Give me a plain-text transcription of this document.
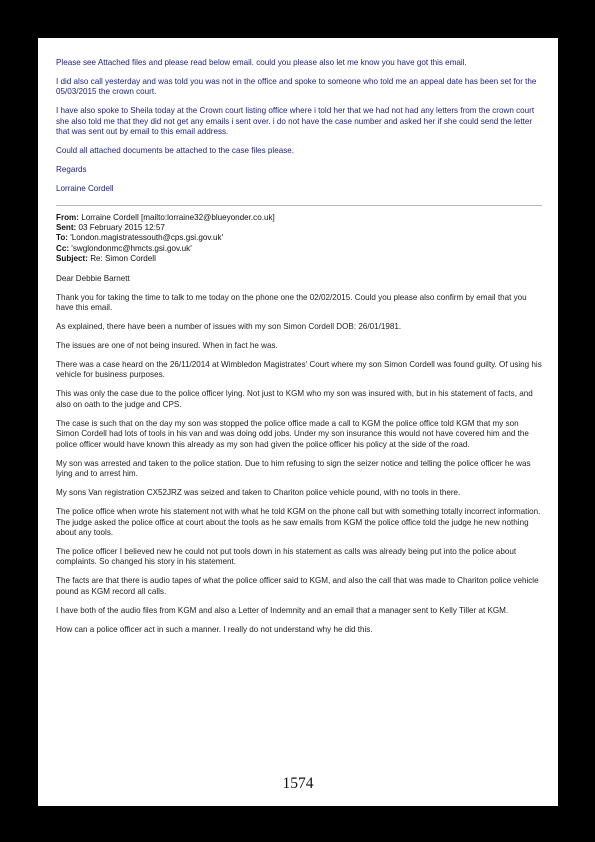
Please see Attached files and please read below email. could you please also let me know you have got this email.

I did also call yesterday and was told you was not in the office and spoke to someone who told me an appeal date has been set for the 05/03/2015 the crown court.

I have also spoke to Sheila today at the Crown court listing office where i told her that we had not had any letters from the crown court she also told me that they did not get any emails i sent over. i do not have the case number and asked her if she could send the letter that was sent out by email to this email address.

Could all attached documents be attached to the case files please.

Regards

Lorraine Cordell

From: Lorraine Cordell [mailto:lorraine32@blueyonder.co.uk]
Sent: 03 February 2015 12:57
To: 'London.magistratessouth@cps.gsi.gov.uk'
Cc: 'swglondonmc@hmcts.gsi.gov.uk'
Subject: Re: Simon Cordell

Dear Debbie Barnett

Thank you for taking the time to talk to me today on the phone one the 02/02/2015. Could you please also confirm by email that you have this email.

As explained, there have been a number of issues with my son Simon Cordell DOB: 26/01/1981.

The issues are one of not being insured. When in fact he was.

There was a case heard on the 26/11/2014 at Wimbledon Magistrates' Court where my son Simon Cordell was found guilty. Of using his vehicle for business purposes.

This was only the case due to the police officer lying. Not just to KGM who my son was insured with, but in his statement of facts, and also on oath to the judge and CPS.

The case is such that on the day my son was stopped the police office made a call to KGM the police office told KGM that my son Simon Cordell had lots of tools in his van and was doing odd jobs. Under my son insurance this would not have covered him and the police officer would have known this already as my son had given the police officer his policy at the side of the road.

My son was arrested and taken to the police station. Due to him refusing to sign the seizer notice and telling the police officer he was lying and to arrest him.

My sons Van registration CX52JRZ was seized and taken to Chariton police vehicle pound, with no tools in there.

The police office when wrote his statement not with what he told KGM on the phone call but with something totally incorrect information. The judge asked the police office at court about the tools as he saw emails from KGM the police office told the judge he new nothing about any tools.

The police officer I believed new he could not put tools down in his statement as calls was already being put into the police about complaints. So changed his story in his statement.

The facts are that there is audio tapes of what the police officer said to KGM, and also the call that was made to Chariton police vehicle pound as KGM record all calls.

I have both of the audio files from KGM and also a Letter of Indemnity and an email that a manager sent to Kelly Tiller at KGM.

How can a police officer act in such a manner. I really do not understand why he did this.

1574
